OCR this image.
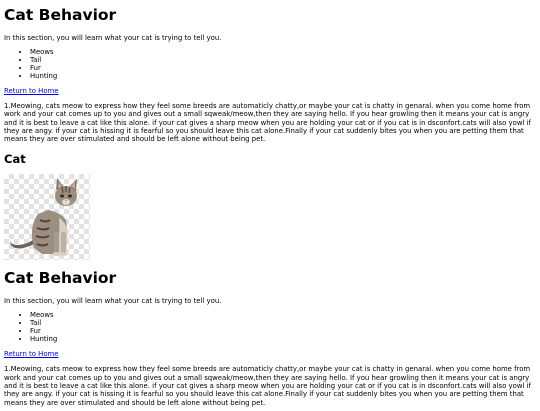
Cat Behavior

In this section, you will learn what your cat is trying to tell you.

• Meows
• Tail
• Fur
• Hunting

Return to Home

1.Meowing, cats meow to express how they feel some breeds are automaticly chatty,or maybe your cat is chatty in genaral. when you come home from work and your cat comes up to you and gives out a small sqweak/meow,then they are saying hello. If you hear growling then it means your cat is angry and it is best to leave a cat like this alone. if your cat gives a sharp meow when you are holding your cat or if you cat is in dsconfort.cats will also yowl if they are angy. if your cat is hissing it is fearful so you should leave this cat alone.Finally if your cat suddenly bites you when you are petting them that means they are over stimulated and should be left alone without being pet.

Cat
Cat Behavior

In this section, you will learn what your cat is trying to tell you.

• Meows
• Tail
• Fur
• Hunting

Return to Home

1.Meowing, cats meow to express how they feel some breeds are automaticly chatty,or maybe your cat is chatty in genaral. when you come home from work and your cat comes up to you and gives out a small sqweak/meow,then they are saying hello. If you hear growling then it means your cat is angry and it is best to leave a cat like this alone. if your cat gives a sharp meow when you are holding your cat or if you cat is in dsconfort.cats will also yowl if they are angy. if your cat is hissing it is fearful so you should leave this cat alone.Finally if your cat suddenly bites you when you are petting them that means they are over stimulated and should be left alone without being pet.
